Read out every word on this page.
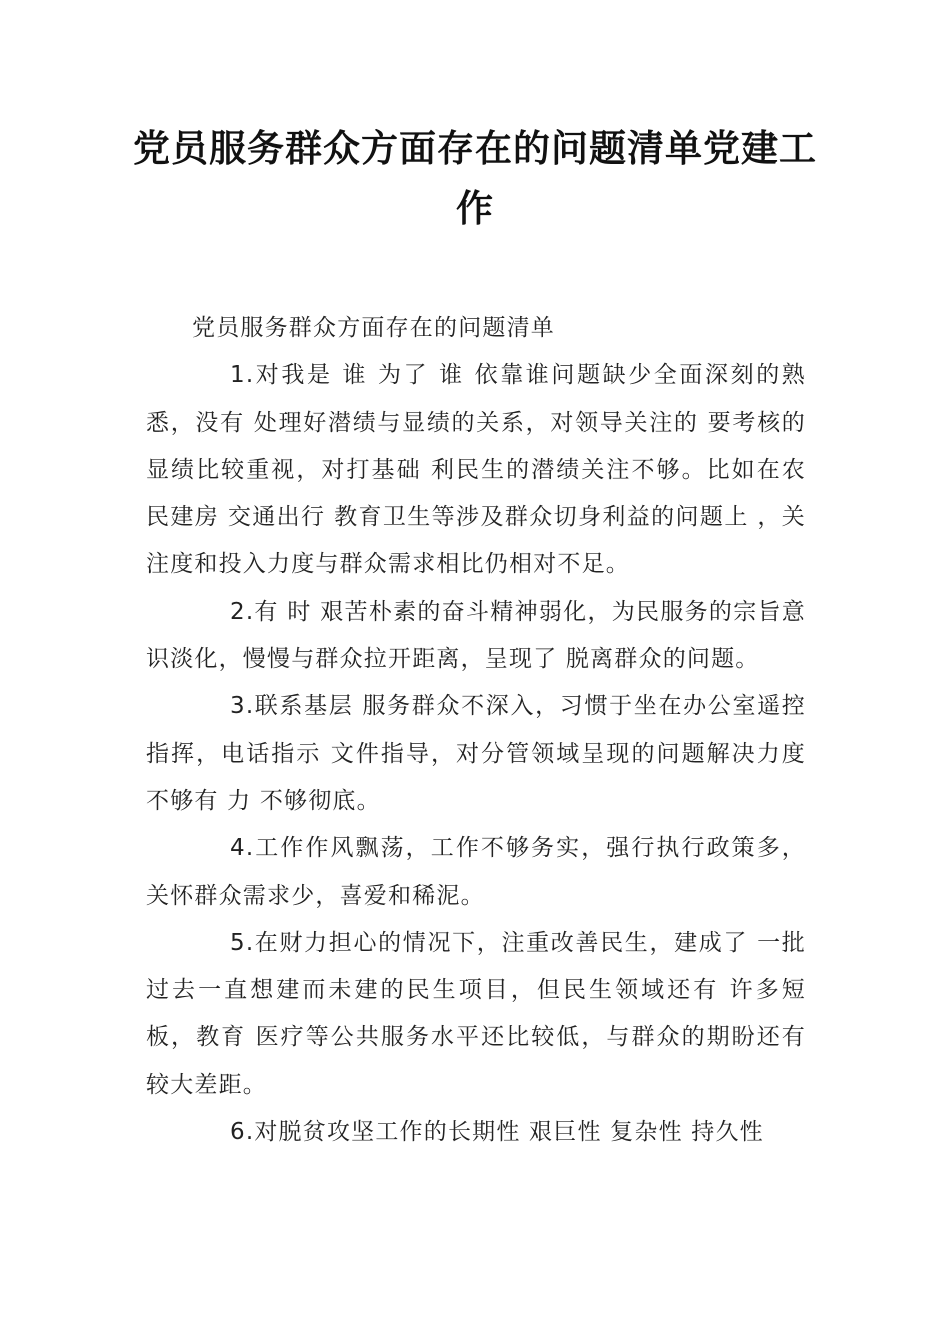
党员服务群众方面存在的问题清单党建工作

党员服务群众方面存在的问题清单

1.对我是 谁 为了 谁 依靠谁问题缺少全面深刻的熟悉，没有 处理好潜绩与显绩的关系，对领导关注的 要考核的显绩比较重视，对打基础 利民生的潜绩关注不够。比如在农民建房 交通出行 教育卫生等涉及群众切身利益的问题上 ，关注度和投入力度与群众需求相比仍相对不足。

2.有 时 艰苦朴素的奋斗精神弱化，为民服务的宗旨意识淡化，慢慢与群众拉开距离，呈现了 脱离群众的问题。

3.联系基层 服务群众不深入，习惯于坐在办公室遥控指挥，电话指示 文件指导，对分管领域呈现的问题解决力度不够有 力 不够彻底。

4.工作作风飘荡，工作不够务实，强行执行政策多，关怀群众需求少，喜爱和稀泥。

5.在财力担心的情况下，注重改善民生，建成了 一批过去一直想建而未建的民生项目，但民生领域还有 许多短板，教育 医疗等公共服务水平还比较低，与群众的期盼还有 较大差距。

6.对脱贫攻坚工作的长期性 艰巨性 复杂性 持久性
